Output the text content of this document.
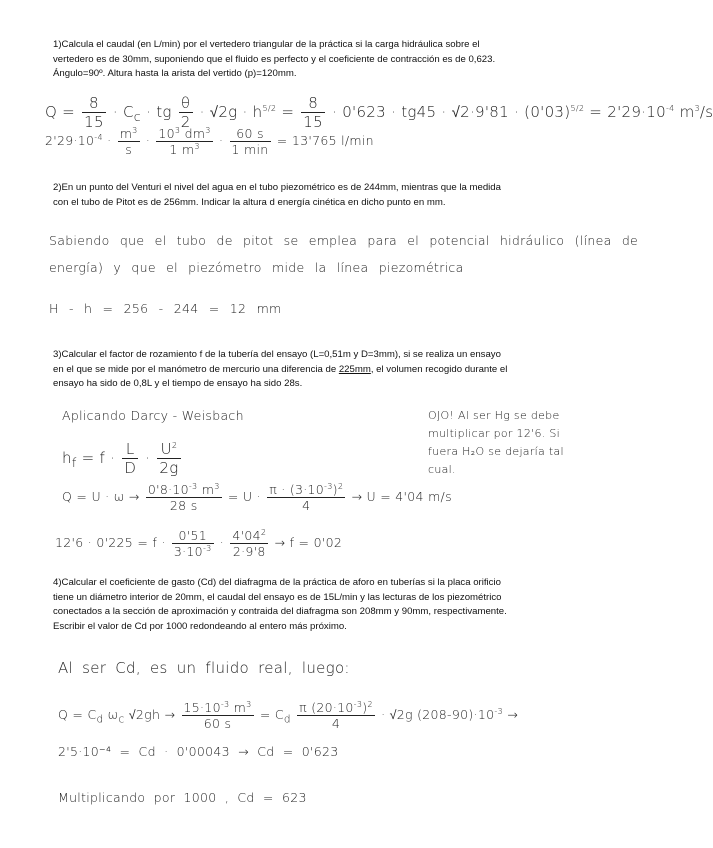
1)Calcula el caudal (en L/min) por el vertedero triangular de la práctica si la carga hidráulica sobre el vertedero es de 30mm, suponiendo que el fluido es perfecto y el coeficiente de contracción es de 0,623. Ángulo=90º. Altura hasta la arista del vertido (p)=120mm.

$Q = \frac{8}{15} \cdot C_c$ · tg $\frac{\theta}{2} \cdot √2g \cdot h^{5/2} = \frac{8}{15} \cdot 0'623 \cdot tg45 \cdot √2\cdot 9'81 \cdot (0'03)^{5/2} = 2'29\cdot 10^{-4}$ $m^3/s$
$2'29\cdot 10^{-4} \cdot \frac{m^3}{s} \cdot \frac{10^3 dm^3}{1 m^3} \cdot \frac{60 s}{1 \min} = 13'765$ l/min

2)En un punto del Venturi el nivel del agua en el tubo piezométrico es de 244mm, mientras que la medida con el tubo de Pitot es de 256mm. Indicar la altura d energía cinética en dicho punto en mm.

Sabiendo que el tubo de pitot se emplea para el potencial hidráulico (línea de
energía) y que el piezómetro mide la línea piezométrica
H - h = 256 - 244 = 12 mm

3)Calcular el factor de rozamiento f de la tubería del ensayo (L=0,51m y D=3mm), si se realiza un ensayo en el que se mide por el manómetro de mercurio una diferencia de 225mm, el volumen recogido durante el ensayo ha sido de 0,8L y el tiempo de ensayo ha sido 28s.

Aplicando Darcy - Weisbach	OJO! Al ser Hg se debe
multiplicar por 12'6. Si
fuera H₂O se dejaría tal
cual.
$h_f = f \cdot \frac{L}{D} \cdot \frac{U^2}{2g}$
$Q = U \cdot \omega \to \frac{0'8\cdot 10^{-3} m^3}{28 s} = U \cdot \frac{\pi \cdot (3\cdot 10^{-3})^2}{4} \to U = 4'04$ m/s
$12'6 \cdot 0'225 = f \cdot \frac{0'51}{3\cdot 10^{-3}} \cdot \frac{4'04^2}{2\cdot 9'8} \to f = 0'02$

4)Calcular el coeficiente de gasto (Cd) del diafragma de la práctica de aforo en tuberías si la placa orificio tiene un diámetro interior de 20mm, el caudal del ensayo es de 15L/min y las lecturas de los piezométrico conectados a la sección de aproximación y contraida del diafragma son 208mm y 90mm, respectivamente. Escribir el valor de Cd por 1000 redondeando al entero más próximo.

Al ser Cd, es un fluido real, luego:
$Q = C_d$ $\omega_c$ $√2gh \to \frac{15\cdot 10^{-3} m^3}{60 s} = C_d \frac{\pi (20\cdot 10^{-3})^2}{4} \cdot √2g$ $(208-90)\cdot 10^{-3}$ →
2'5·10⁻⁴ = Cd · 0'00043 → Cd = 0'623
Multiplicando por 1000 , Cd = 623
